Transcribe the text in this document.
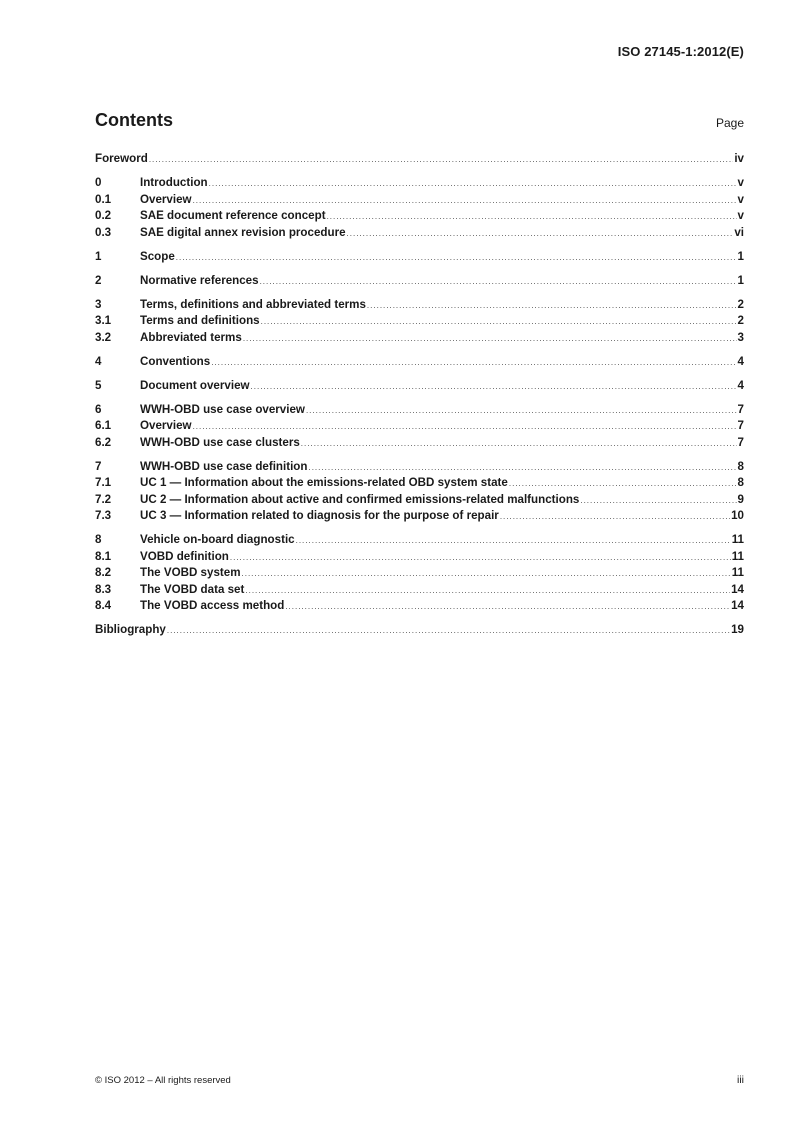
ISO 27145-1:2012(E)
Contents	Page
Foreword .....	iv
0	Introduction .....	v
0.1	Overview .....	v
0.2	SAE document reference concept .....	v
0.3	SAE digital annex revision procedure .....	vi
1	Scope .....	1
2	Normative references .....	1
3	Terms, definitions and abbreviated terms .....	2
3.1	Terms and definitions .....	2
3.2	Abbreviated terms .....	3
4	Conventions .....	4
5	Document overview .....	4
6	WWH-OBD use case overview .....	7
6.1	Overview .....	7
6.2	WWH-OBD use case clusters .....	7
7	WWH-OBD use case definition .....	8
7.1	UC 1 — Information about the emissions-related OBD system state .....	8
7.2	UC 2 — Information about active and confirmed emissions-related malfunctions .....	9
7.3	UC 3 — Information related to diagnosis for the purpose of repair .....	10
8	Vehicle on-board diagnostic .....	11
8.1	VOBD definition .....	11
8.2	The VOBD system .....	11
8.3	The VOBD data set .....	14
8.4	The VOBD access method .....	14
Bibliography .....	19
© ISO 2012 – All rights reserved	iii
